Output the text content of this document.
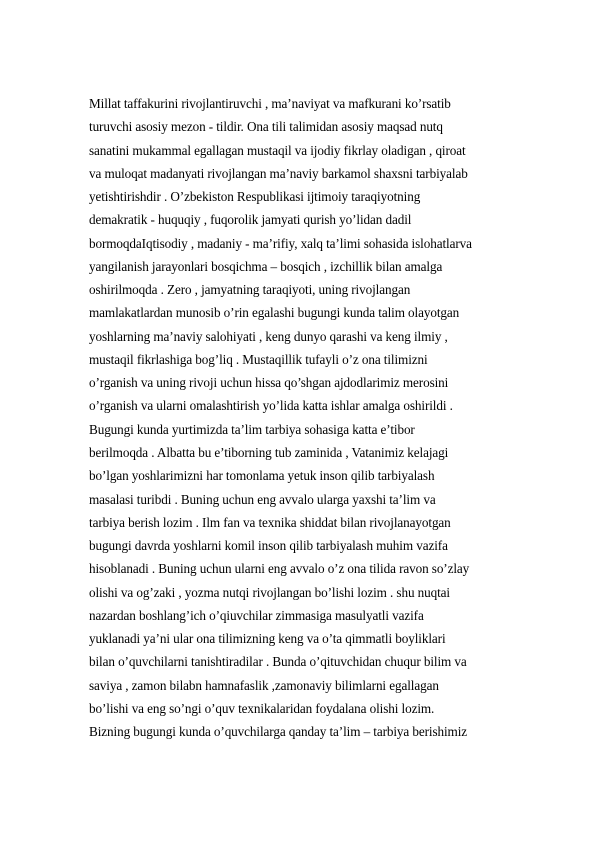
Millat taffakurini rivojlantiruvchi , ma’naviyat va mafkurani ko’rsatib
turuvchi asosiy mezon - tildir. Ona tili talimidan asosiy maqsad nutq
sanatini mukammal egallagan mustaqil va ijodiy fikrlay oladigan , qiroat
va muloqat madanyati rivojlangan ma’naviy barkamol shaxsni tarbiyalab
yetishtirishdir . O’zbekiston Respublikasi ijtimoiy taraqiyotning
demakratik - huquqiy , fuqorolik jamyati qurish yo’lidan dadil
bormoqdaIqtisodiy , madaniy - ma’rifiy, xalq ta’limi sohasida islohatlarva
yangilanish jarayonlari bosqichma – bosqich , izchillik bilan amalga
oshirilmoqda . Zero , jamyatning taraqiyoti, uning rivojlangan
mamlakatlardan munosib o’rin egalashi bugungi kunda talim olayotgan
yoshlarning ma’naviy salohiyati , keng dunyo qarashi va keng ilmiy ,
mustaqil fikrlashiga bog’liq . Mustaqillik tufayli o’z ona tilimizni
o’rganish va uning rivoji uchun hissa qo’shgan ajdodlarimiz merosini
o’rganish va ularni omalashtirish yo’lida katta ishlar amalga oshirildi .
Bugungi kunda yurtimizda ta’lim tarbiya sohasiga katta e’tibor
berilmoqda . Albatta bu e’tiborning tub zaminida , Vatanimiz kelajagi
bo’lgan yoshlarimizni har tomonlama yetuk inson qilib tarbiyalash
masalasi turibdi . Buning uchun eng avvalo ularga yaxshi ta’lim va
tarbiya berish lozim . Ilm fan va texnika shiddat bilan rivojlanayotgan
bugungi davrda yoshlarni komil inson qilib tarbiyalash muhim vazifa
hisoblanadi . Buning uchun ularni eng avvalo o’z ona tilida ravon so’zlay
olishi va og’zaki , yozma nutqi rivojlangan bo’lishi lozim . shu nuqtai
nazardan boshlang’ich o’qiuvchilar zimmasiga masulyatli vazifa
yuklanadi ya’ni ular ona tilimizning keng va o’ta qimmatli boyliklari
bilan o’quvchilarni tanishtiradilar . Bunda o’qituvchidan chuqur bilim va
saviya , zamon bilabn hamnafaslik ,zamonaviy bilimlarni egallagan
bo’lishi va eng so’ngi o’quv texnikalaridan foydalana olishi lozim.
Bizning bugungi kunda o’quvchilarga qanday ta’lim – tarbiya berishimiz
